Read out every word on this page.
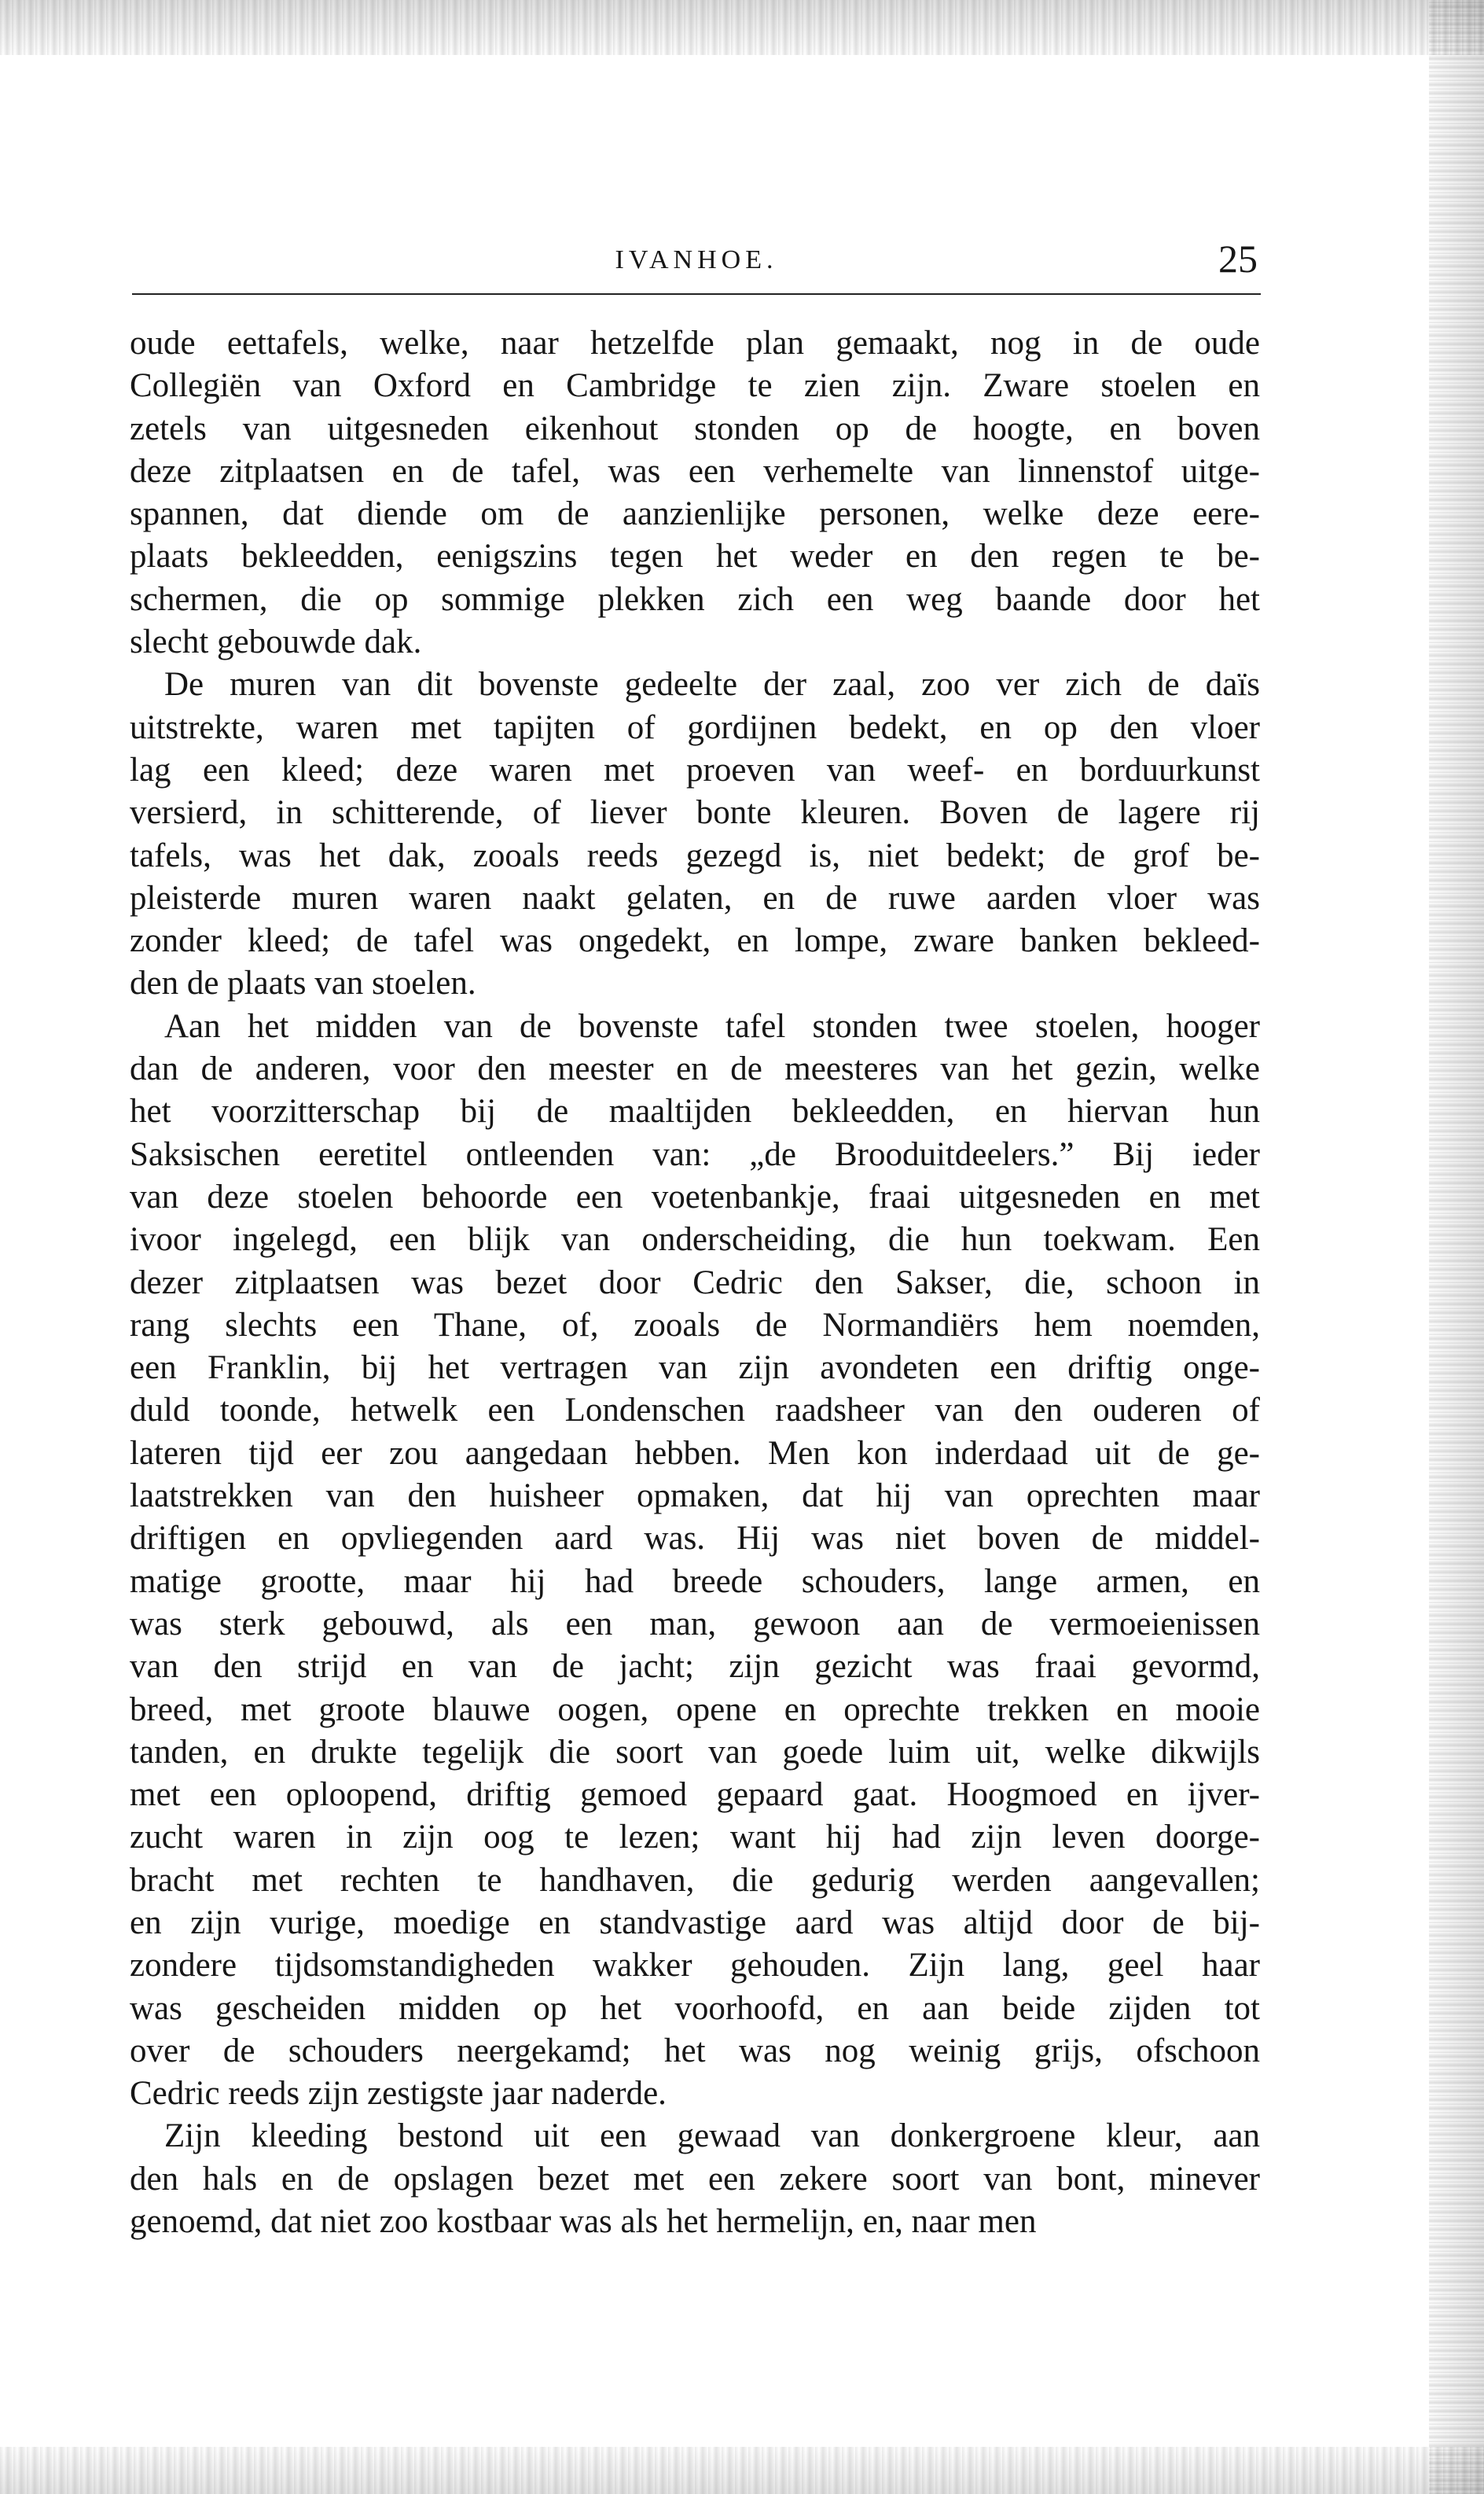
IVANHOE.	25

oude eettafels, welke, naar hetzelfde plan gemaakt, nog in de oude
Collegiën van Oxford en Cambridge te zien zijn. Zware stoelen en
zetels van uitgesneden eikenhout stonden op de hoogte, en boven
deze zitplaatsen en de tafel, was een verhemelte van linnenstof uitge-
spannen, dat diende om de aanzienlijke personen, welke deze eere-
plaats bekleedden, eenigszins tegen het weder en den regen te be-
schermen, die op sommige plekken zich een weg baande door het
slecht gebouwde dak.

De muren van dit bovenste gedeelte der zaal, zoo ver zich de daïs
uitstrekte, waren met tapijten of gordijnen bedekt, en op den vloer
lag een kleed; deze waren met proeven van weef- en borduurkunst
versierd, in schitterende, of liever bonte kleuren. Boven de lagere rij
tafels, was het dak, zooals reeds gezegd is, niet bedekt; de grof be-
pleisterde muren waren naakt gelaten, en de ruwe aarden vloer was
zonder kleed; de tafel was ongedekt, en lompe, zware banken bekleed-
den de plaats van stoelen.

Aan het midden van de bovenste tafel stonden twee stoelen, hooger
dan de anderen, voor den meester en de meesteres van het gezin, welke
het voorzitterschap bij de maaltijden bekleedden, en hiervan hun
Saksischen eeretitel ontleenden van: „de Brooduitdeelers.” Bij ieder
van deze stoelen behoorde een voetenbankje, fraai uitgesneden en met
ivoor ingelegd, een blijk van onderscheiding, die hun toekwam. Een
dezer zitplaatsen was bezet door Cedric den Sakser, die, schoon in
rang slechts een Thane, of, zooals de Normandiërs hem noemden,
een Franklin, bij het vertragen van zijn avondeten een driftig onge-
duld toonde, hetwelk een Londenschen raadsheer van den ouderen of
lateren tijd eer zou aangedaan hebben. Men kon inderdaad uit de ge-
laatstrekken van den huisheer opmaken, dat hij van oprechten maar
driftigen en opvliegenden aard was. Hij was niet boven de middel-
matige grootte, maar hij had breede schouders, lange armen, en
was sterk gebouwd, als een man, gewoon aan de vermoeienissen
van den strijd en van de jacht; zijn gezicht was fraai gevormd,
breed, met groote blauwe oogen, opene en oprechte trekken en mooie
tanden, en drukte tegelijk die soort van goede luim uit, welke dikwijls
met een oploopend, driftig gemoed gepaard gaat. Hoogmoed en ijver-
zucht waren in zijn oog te lezen; want hij had zijn leven doorge-
bracht met rechten te handhaven, die gedurig werden aangevallen;
en zijn vurige, moedige en standvastige aard was altijd door de bij-
zondere tijdsomstandigheden wakker gehouden. Zijn lang, geel haar
was gescheiden midden op het voorhoofd, en aan beide zijden tot
over de schouders neergekamd; het was nog weinig grijs, ofschoon
Cedric reeds zijn zestigste jaar naderde.

Zijn kleeding bestond uit een gewaad van donkergroene kleur, aan
den hals en de opslagen bezet met een zekere soort van bont, minever
genoemd, dat niet zoo kostbaar was als het hermelijn, en, naar men
